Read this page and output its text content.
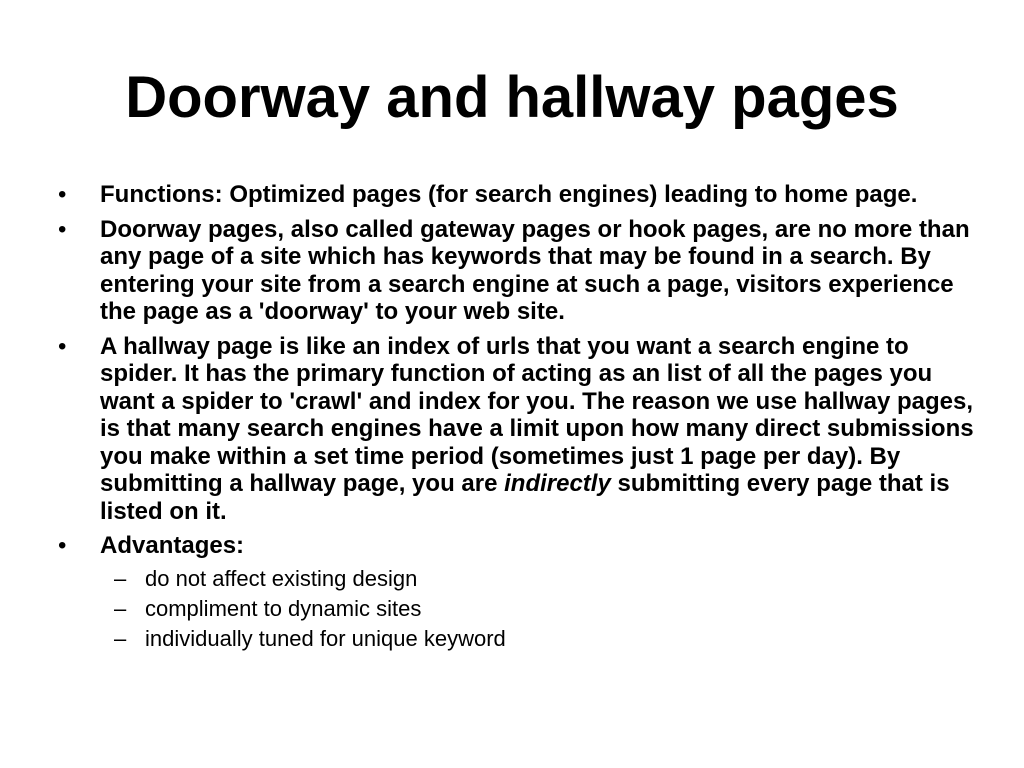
Doorway and hallway pages
• Functions: Optimized pages (for search engines) leading to home page.
• Doorway pages, also called gateway pages or hook pages, are no more than any page of a site which has keywords that may be found in a search. By entering your site from a search engine at such a page, visitors experience the page as a 'doorway' to your web site.
• A hallway page is like an index of urls that you want a search engine to spider. It has the primary function of acting as an list of all the pages you want a spider to 'crawl' and index for you. The reason we use hallway pages, is that many search engines have a limit upon how many direct submissions you make within a set time period (sometimes just 1 page per day). By submitting a hallway page, you are indirectly submitting every page that is listed on it.
• Advantages:
– do not affect existing design
– compliment to dynamic sites
– individually tuned for unique keyword
